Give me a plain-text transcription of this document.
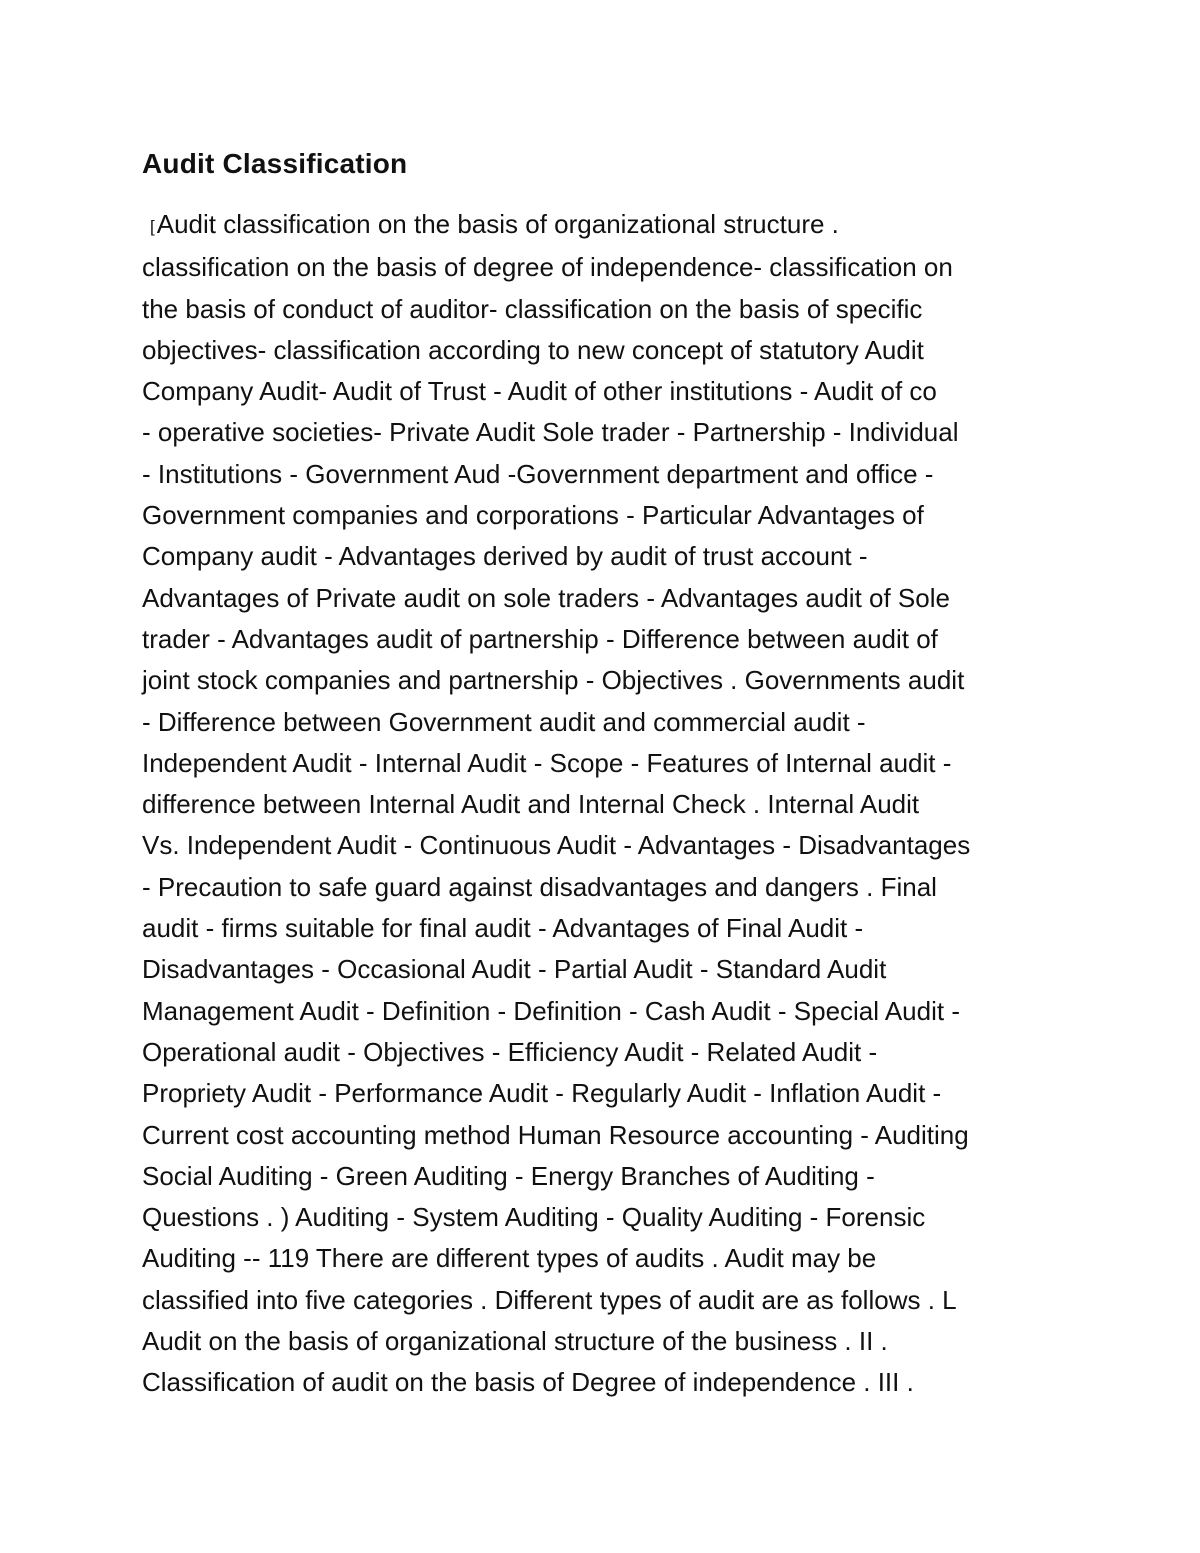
Audit Classification
[Audit classification on the basis of organizational structure .
classification on the basis of degree of independence- classification on
the basis of conduct of auditor- classification on the basis of specific
objectives- classification according to new concept of statutory Audit
Company Audit- Audit of Trust - Audit of other institutions - Audit of co
- operative societies- Private Audit Sole trader - Partnership - Individual
- Institutions - Government Aud -Government department and office -
Government companies and corporations - Particular Advantages of
Company audit - Advantages derived by audit of trust account -
Advantages of Private audit on sole traders - Advantages audit of Sole
trader - Advantages audit of partnership - Difference between audit of
joint stock companies and partnership - Objectives . Governments audit
- Difference between Government audit and commercial audit -
Independent Audit - Internal Audit - Scope - Features of Internal audit -
difference between Internal Audit and Internal Check . Internal Audit
Vs. Independent Audit - Continuous Audit - Advantages - Disadvantages
- Precaution to safe guard against disadvantages and dangers . Final
audit - firms suitable for final audit - Advantages of Final Audit -
Disadvantages - Occasional Audit - Partial Audit - Standard Audit
Management Audit - Definition - Definition - Cash Audit - Special Audit -
Operational audit - Objectives - Efficiency Audit - Related Audit -
Propriety Audit - Performance Audit - Regularly Audit - Inflation Audit -
Current cost accounting method Human Resource accounting - Auditing
Social Auditing - Green Auditing - Energy Branches of Auditing -
Questions . ) Auditing - System Auditing - Quality Auditing - Forensic
Auditing -- 119 There are different types of audits . Audit may be
classified into five categories . Different types of audit are as follows . L
Audit on the basis of organizational structure of the business . II .
Classification of audit on the basis of Degree of independence . III .
